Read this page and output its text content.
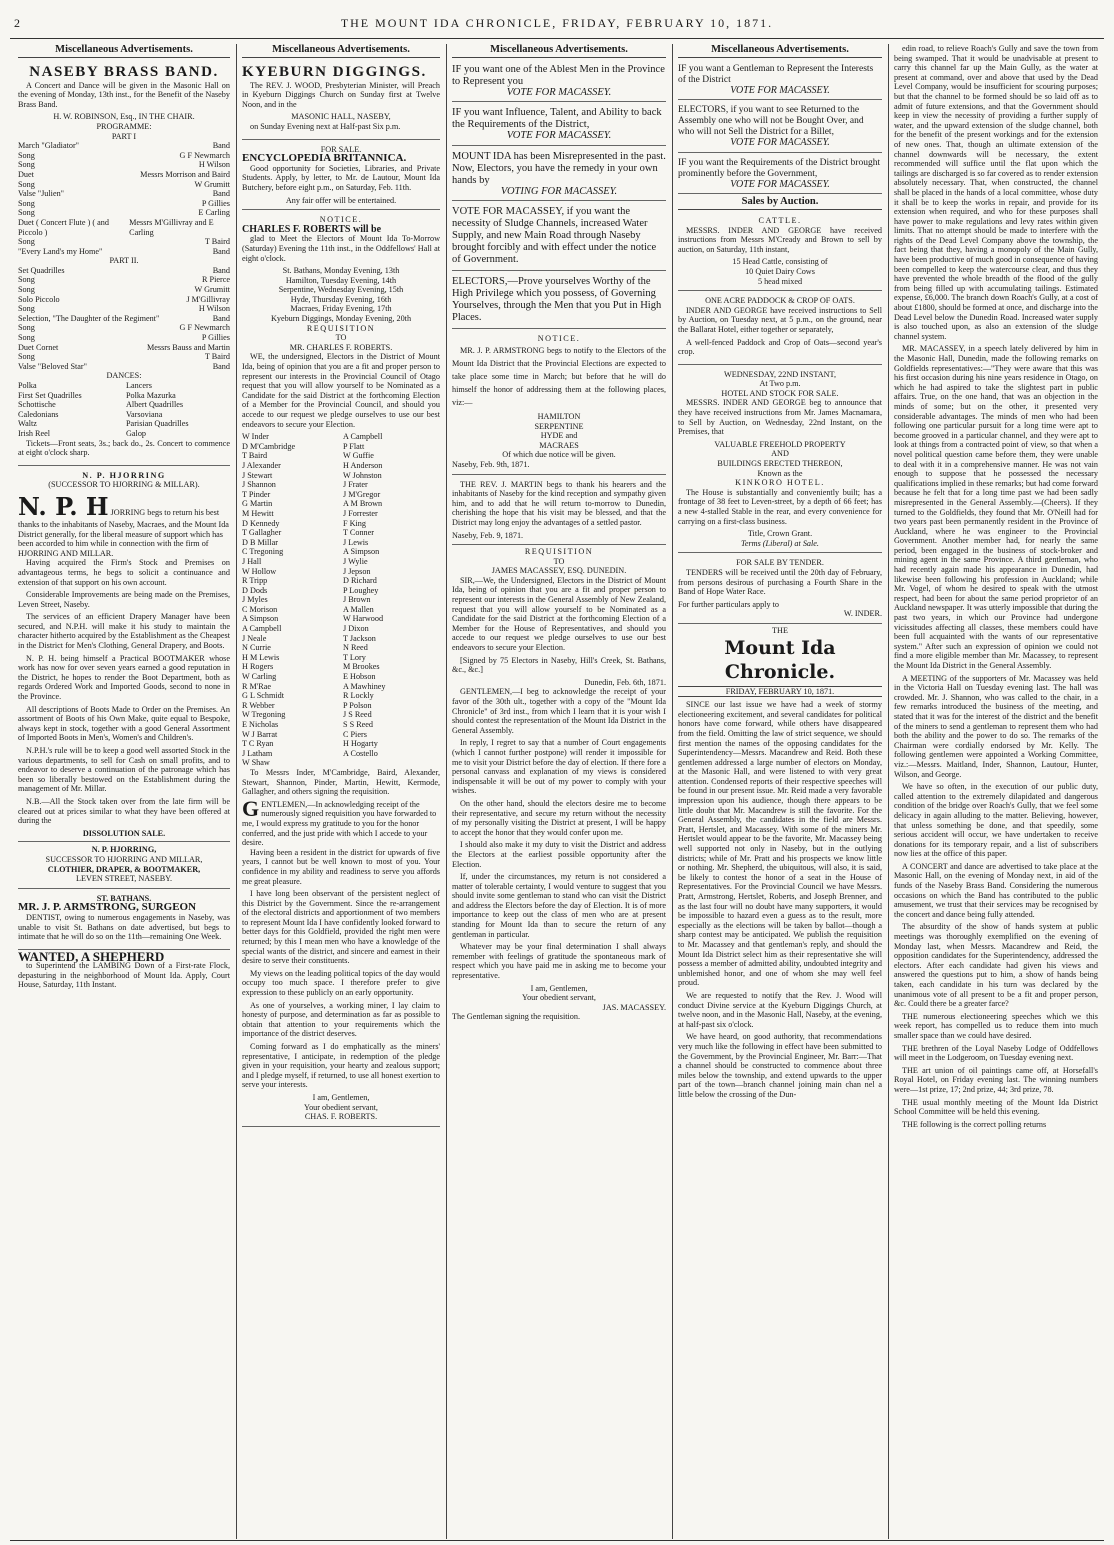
2	THE MOUNT IDA CHRONICLE, FRIDAY, FEBRUARY 10, 1871.
Miscellaneous Advertisements.
NASEBY BRASS BAND.

A Concert and Dance will be given in the Masonic Hall on the evening of Monday, 13th inst., for the Benefit of the Naseby Brass Band.

H. W. ROBINSON, Esq., IN THE CHAIR.
PROGRAMME:
PART I
March "Gladiator"	Band
Song	G F Newmarch
Song	H Wilson
Duet	Messrs Morrison and Baird
Song	W Grumitt
Valse "Julien"	Band
Song	P Gillies
Song	E Carling
Duet ( Concert Flute ) ( and Piccolo )
Messrs M'Gillivray and E Carling
Song	T Baird
"Every Land's my Home"	Band
PART II.
Set Quadrilles	Band
Song	R Pierce
Song	W Grumitt
Solo Piccolo	J M'Gillivray
Song	H Wilson
Selection, "The Daughter of the Regiment"	Band
Song	G F Newmarch
Song	P Gillies
Duet Cornet	Messrs Bauss and Martin
Song	T Baird
Valse "Beloved Star"	Band
DANCES:
Polka
First Set Quadrilles
Schottische
Caledonians
Waltz
Irish Reel
Lancers
Polka Mazurka
Albert Quadrilles
Varsoviana
Parisian Quadrilles
Galop

Tickets—Front seats, 3s.; back do., 2s. Concert to commence at eight o'clock sharp.

N. P. HJORRING
(SUCCESSOR TO HJORRING & MILLAR).
N. P. H JORRING begs to return his best thanks to the inhabitants of Naseby, Macraes, and the Mount Ida District generally, for the liberal measure of support which has been accorded to him while in connection with the firm of HJORRING AND MILLAR.

Having acquired the Firm's Stock and Premises on advantageous terms, he begs to solicit a continuance and extension of that support on his own account.

Considerable Improvements are being made on the Premises, Leven Street, Naseby.

The services of an efficient Drapery Manager have been secured, and N.P.H. will make it his study to maintain the character hitherto acquired by the Establishment as the Cheapest in the District for Men's Clothing, General Drapery, and Boots.

N. P. H. being himself a Practical BOOTMAKER whose work has now for over seven years earned a good reputation in the District, he hopes to render the Boot Department, both as regards Ordered Work and Imported Goods, second to none in the Province.

All descriptions of Boots Made to Order on the Premises. An assortment of Boots of his Own Make, quite equal to Bespoke, always kept in stock, together with a good General Assortment of Imported Boots in Men's, Women's and Children's.

N.P.H.'s rule will be to keep a good well assorted Stock in the various departments, to sell for Cash on small profits, and to endeavor to deserve a continuation of the patronage which has been so liberally bestowed on the Establishment during the management of Mr. Millar.

N.B.—All the Stock taken over from the late firm will be cleared out at prices similar to what they have been offered at during the

DISSOLUTION SALE.
N. P. HJORRING,
SUCCESSOR TO HJORRING AND MILLAR,
CLOTHIER, DRAPER, & BOOTMAKER,
LEVEN STREET, NASEBY.
ST. BATHANS.
MR. J. P. ARMSTRONG, SURGEON

DENTIST, owing to numerous engagements in Naseby, was unable to visit St. Bathans on date advertised, but begs to intimate that he will do so on the 11th—remaining One Week.

WANTED, A SHEPHERD

to Superintend the LAMBING Down of a First-rate Flock, depasturing in the neighborhood of Mount Ida. Apply, Court House, Saturday, 11th Instant.

Miscellaneous Advertisements.
KYEBURN DIGGINGS.

The REV. J. WOOD, Presbyterian Minister, will Preach in Kyeburn Diggings Church on Sunday first at Twelve Noon, and in the

MASONIC HALL, NASEBY,

on Sunday Evening next at Half-past Six p.m.

FOR SALE.
ENCYCLOPEDIA BRITANNICA.

Good opportunity for Societies, Libraries, and Private Students. Apply, by letter, to Mr. de Lautour, Mount Ida Butchery, before eight p.m., on Saturday, Feb. 11th.

Any fair offer will be entertained.
NOTICE.
CHARLES F. ROBERTS will be

glad to Meet the Electors of Mount Ida To-Morrow (Saturday) Evening the 11th inst., in the Oddfellows' Hall at eight o'clock.

St. Bathans, Monday Evening, 13th
Hamilton, Tuesday Evening, 14th
Serpentine, Wednesday Evening, 15th
Hyde, Thursday Evening, 16th
Macraes, Friday Evening, 17th
Kyeburn Diggings, Monday Evening, 20th
REQUISITION
TO
MR. CHARLES F. ROBERTS.

WE, the undersigned, Electors in the District of Mount Ida, being of opinion that you are a fit and proper person to represent our interests in the Provincial Council of Otago request that you will allow yourself to be Nominated as a Candidate for the said District at the forthcoming Election of a Member for the Provincial Council, and should you accede to our request we pledge ourselves to use our best endeavors to secure your Election.

W Inder
D M'Cambridge
T Baird
J Alexander
J Stewart
J Shannon
T Pinder
G Martin
M Hewitt
D Kennedy
T Gallagher
D B Millar
C Tregoning
J Hall
W Hollow
R Tripp
D Dods
J Myles
C Morison
A Simpson
A Campbell
J Neale
N Currie
H M Lewis
H Rogers
W Carling
R M'Rae
G L Schmidt
R Webber
W Tregoning
E Nicholas
W J Barrat
T C Ryan
J Latham
W Shaw
A Campbell
P Flatt
W Guffie
H Anderson
W Johnston
J Frater
J M'Gregor
A M Brown
J Forrester
F King
T Conner
J Lewis
A Simpson
J Wylie
J Jepson
D Richard
P Loughey
J Brown
A Mallen
W Harwood
J Dixon
T Jackson
N Reed
T Lory
M Brookes
E Hobson
A Mawhiney
R Lockly
P Polson
J S Reed
S S Reed
C Piers
H Hogarty
A Costello

To Messrs Inder, M'Cambridge, Baird, Alexander, Stewart, Shannon, Pinder, Martin, Hewitt, Kermode, Gallagher, and others signing the requisition.

GENTLEMEN,—In acknowledging receipt of the numerously signed requisition you have forwarded to me, I would express my gratitude to you for the honor conferred, and the just pride with which I accede to your desire.

Having been a resident in the district for upwards of five years, I cannot but be well known to most of you. Your confidence in my ability and readiness to serve you affords me great pleasure.

I have long been observant of the persistent neglect of this District by the Government. Since the re-arrangement of the electoral districts and apportionment of two members to represent Mount Ida I have confidently looked forward to better days for this Goldfield, provided the right men were returned; by this I mean men who have a knowledge of the special wants of the district, and sincere and earnest in their desire to serve their constituents.

My views on the leading political topics of the day would occupy too much space. I therefore prefer to give expression to these publicly on an early opportunity.

As one of yourselves, a working miner, I lay claim to honesty of purpose, and determination as far as possible to obtain that attention to your requirements which the importance of the district deserves.

Coming forward as I do emphatically as the miners' representative, I anticipate, in redemption of the pledge given in your requisition, your hearty and zealous support; and I pledge myself, if returned, to use all honest exertion to serve your interests.

I am, Gentlemen,
Your obedient servant,
CHAS. F. ROBERTS.
Miscellaneous Advertisements.
IF you want one of the Ablest Men in the Province to Represent you
VOTE FOR MACASSEY.
IF you want Influence, Talent, and Ability to back the Requirements of the District,
VOTE FOR MACASSEY.
MOUNT IDA has been Misrepresented in the past. Now, Electors, you have the remedy in your own hands by
VOTING FOR MACASSEY.
VOTE FOR MACASSEY, if you want the necessity of Sludge Channels, increased Water Supply, and new Main Road through Naseby brought forcibly and with effect under the notice of Government.
ELECTORS,—Prove yourselves Worthy of the High Privilege which you possess, of Governing Yourselves, through the Men that you Put in High Places.
NOTICE.

MR. J. P. ARMSTRONG begs to notify to the Electors of the Mount Ida District that the Provincial Elections are expected to take place some time in March; but before that he will do himself the honor of addressing them at the following places, viz:—

HAMILTON
SERPENTINE
HYDE and
MACRAES
Of which due notice will be given.
Naseby, Feb. 9th, 1871.

THE REV. J. MARTIN begs to thank his hearers and the inhabitants of Naseby for the kind reception and sympathy given him, and to add that he will return to-morrow to Dunedin, cherishing the hope that his visit may be blessed, and that the District may long enjoy the advantages of a settled pastor.

Naseby, Feb. 9, 1871.
REQUISITION
TO
JAMES MACASSEY, ESQ. DUNEDIN.

SIR,—We, the Undersigned, Electors in the District of Mount Ida, being of opinion that you are a fit and proper person to represent our interests in the General Assembly of New Zealand, request that you will allow yourself to be Nominated as a Candidate for the said District at the forthcoming Election of a Member for the House of Representatives, and should you accede to our request we pledge ourselves to use our best endeavors to secure your Election.

[Signed by 75 Electors in Naseby, Hill's Creek, St. Bathans, &c., &c.]

Dunedin, Feb. 6th, 1871.

GENTLEMEN,—I beg to acknowledge the receipt of your favor of the 30th ult., together with a copy of the "Mount Ida Chronicle" of 3rd inst., from which I learn that it is your wish I should contest the representation of the Mount Ida District in the General Assembly.

In reply, I regret to say that a number of Court engagements (which I cannot further postpone) will render it impossible for me to visit your District before the day of election. If there fore a personal canvass and explanation of my views is considered indispensable it will be out of my power to comply with your wishes.

On the other hand, should the electors desire me to become their representative, and secure my return without the necessity of my personally visiting the District at present, I will be happy to accept the honor that they would confer upon me.

I should also make it my duty to visit the District and address the Electors at the earliest possible opportunity after the Election.

If, under the circumstances, my return is not considered a matter of tolerable certainty, I would venture to suggest that you should invite some gentleman to stand who can visit the District and address the Electors before the day of Election. It is of more importance to keep out the class of men who are at present standing for Mount Ida than to secure the return of any gentleman in particular.

Whatever may be your final determination I shall always remember with feelings of gratitude the spontaneous mark of respect which you have paid me in asking me to become your representative.

I am, Gentlemen,
Your obedient servant,
JAS. MACASSEY.
The Gentleman signing the requisition.
Miscellaneous Advertisements.
IF you want a Gentleman to Represent the Interests of the District
VOTE FOR MACASSEY.
ELECTORS, if you want to see Returned to the Assembly one who will not be Bought Over, and who will not Sell the District for a Billet,
VOTE FOR MACASSEY.
IF you want the Requirements of the District brought prominently before the Government,
VOTE FOR MACASSEY.
Sales by Auction.
CATTLE.

MESSRS. INDER AND GEORGE have received instructions from Messrs M'Cready and Brown to sell by auction, on Saturday, 11th instant,

15 Head Cattle, consisting of
10 Quiet Dairy Cows
5 head mixed
ONE ACRE PADDOCK & CROP OF OATS.

INDER AND GEORGE have received instructions to Sell by Auction, on Tuesday next, at 5 p.m., on the ground, near the Ballarat Hotel, either together or separately,

A well-fenced Paddock and Crop of Oats—second year's crop.

WEDNESDAY, 22ND INSTANT,
At Two p.m.
HOTEL AND STOCK FOR SALE.

MESSRS. INDER AND GEORGE beg to announce that they have received instructions from Mr. James Macnamara, to Sell by Auction, on Wednesday, 22nd Instant, on the Premises, that

VALUABLE FREEHOLD PROPERTY
AND
BUILDINGS ERECTED THEREON,
Known as the
KINKORO HOTEL.

The House is substantially and conveniently built; has a frontage of 38 feet to Leven-street, by a depth of 66 feet; has a new 4-stalled Stable in the rear, and every convenience for carrying on a first-class business.

Title, Crown Grant.
Terms (Liberal) at Sale.
FOR SALE BY TENDER.

TENDERS will be received until the 20th day of February, from persons desirous of purchasing a Fourth Share in the Band of Hope Water Race.

For further particulars apply to
W. INDER.
THE
Mount Ida Chronicle.
FRIDAY, FEBRUARY 10, 1871.

SINCE our last issue we have had a week of stormy electioneering excitement, and several candidates for political honors have come forward, while others have disappeared from the field. Omitting the law of strict sequence, we should first mention the names of the opposing candidates for the Superintendency—Messrs. Macandrew and Reid. Both these gentlemen addressed a large number of electors on Monday, at the Masonic Hall, and were listened to with very great attention. Condensed reports of their respective speeches will be found in our present issue. Mr. Reid made a very favorable impression upon his audience, though there appears to be little doubt that Mr. Macandrew is still the favorite. For the General Assembly, the candidates in the field are Messrs. Pratt, Hertslet, and Macassey. With some of the miners Mr. Hertslet would appear to be the favorite, Mr. Macassey being well supported not only in Naseby, but in the outlying districts; while of Mr. Pratt and his prospects we know little or nothing. Mr. Shepherd, the ubiquitous, will also, it is said, be likely to contest the honor of a seat in the House of Representatives. For the Provincial Council we have Messrs. Pratt, Armstrong, Hertslet, Roberts, and Joseph Brenner, and as the last four will no doubt have many supporters, it would be impossible to hazard even a guess as to the result, more especially as the elections will be taken by ballot—though a sharp contest may be anticipated. We publish the requisition to Mr. Macassey and that gentleman's reply, and should the Mount Ida District select him as their representative she will possess a member of admitted ability, undoubted integrity and unblemished honor, and one of whom she may well feel proud.

We are requested to notify that the Rev. J. Wood will conduct Divine service at the Kyeburn Diggings Church, at twelve noon, and in the Masonic Hall, Naseby, at the evening, at half-past six o'clock.

We have heard, on good authority, that recommendations very much like the following in effect have been submitted to the Government, by the Provincial Engineer, Mr. Barr:—That a channel should be constructed to commence about three miles below the township, and extend upwards to the upper part of the town—branch channel joining main chan nel a little below the crossing of the Dun-

edin road, to relieve Roach's Gully and save the town from being swamped. That it would be unadvisable at present to carry this channel far up the Main Gully, as the water at present at command, over and above that used by the Dead Level Company, would be insufficient for scouring purposes; but that the channel to be formed should be so laid off as to admit of future extensions, and that the Government should keep in view the necessity of providing a further supply of water, and the upward extension of the sludge channel, both for the benefit of the present workings and for the extension of new ones. That, though an ultimate extension of the channel downwards will be necessary, the extent recommended will suffice until the flat upon which the tailings are discharged is so far covered as to render extension absolutely necessary. That, when constructed, the channel shall be placed in the hands of a local committee, whose duty it shall be to keep the works in repair, and provide for its extension when required, and who for these purposes shall have power to make regulations and levy rates within given limits. That no attempt should be made to interfere with the rights of the Dead Level Company above the township, the fact being that they, having a monopoly of the Main Gully, have been productive of much good in consequence of having been compelled to keep the watercourse clear, and thus they have prevented the whole breadth of the flood of the gully from being filled up with accumulating tailings. Estimated expense, £6,000. The branch down Roach's Gully, at a cost of about £1800, should be formed at once, and discharge into the Dead Level below the Dunedin Road. Increased water supply is also touched upon, as also an extension of the sludge channel system.

MR. MACASSEY, in a speech lately delivered by him in the Masonic Hall, Dunedin, made the following remarks on Goldfields representatives:—"They were aware that this was his first occasion during his nine years residence in Otago, on which he had aspired to take the slightest part in public affairs. True, on the one hand, that was an objection in the minds of some; but on the other, it presented very considerable advantages. The minds of men who had been following one particular pursuit for a long time were apt to become grooved in a particular channel, and they were apt to look at things from a contracted point of view, so that when a novel political question came before them, they were unable to deal with it in a comprehensive manner. He was not vain enough to suppose that he possessed the necessary qualifications implied in these remarks; but had come forward because he felt that for a long time past we had been sadly misrepresented in the General Assembly.—(Cheers). If they turned to the Goldfields, they found that Mr. O'Neill had for two years past been permanently resident in the Province of Auckland, where he was engineer to the Provincial Government. Another member had, for nearly the same period, been engaged in the business of stock-broker and mining agent in the same Province. A third gentleman, who had recently again made his appearance in Dunedin, had likewise been following his profession in Auckland; while Mr. Vogel, of whom he desired to speak with the utmost respect, had been for about the same period proprietor of an Auckland newspaper. It was utterly impossible that during the past two years, in which our Province had undergone vicissitudes affecting all classes, these members could have been full acquainted with the wants of our representative system." After such an expression of opinion we could not find a more eligible member than Mr. Macassey, to represent the Mount Ida District in the General Assembly.

A MEETING of the supporters of Mr. Macassey was held in the Victoria Hall on Tuesday evening last. The hall was crowded. Mr. J. Shannon, who was called to the chair, in a few remarks introduced the business of the meeting, and stated that it was for the interest of the district and the benefit of the miners to send a gentleman to represent them who had both the ability and the power to do so. The remarks of the Chairman were cordially endorsed by Mr. Kelly. The following gentlemen were appointed a Working Committee, viz.:—Messrs. Maitland, Inder, Shannon, Lautour, Hunter, Wilson, and George.

We have so often, in the execution of our public duty, called attention to the extremely dilapidated and dangerous condition of the bridge over Roach's Gully, that we feel some delicacy in again alluding to the matter. Believing, however, that unless something be done, and that speedily, some serious accident will occur, we have undertaken to receive donations for its temporary repair, and a list of subscribers now lies at the office of this paper.

A CONCERT and dance are advertised to take place at the Masonic Hall, on the evening of Monday next, in aid of the funds of the Naseby Brass Band. Considering the numerous occasions on which the Band has contributed to the public amusement, we trust that their services may be recognised by the concert and dance being fully attended.

The absurdity of the show of hands system at public meetings was thoroughly exemplified on the evening of Monday last, when Messrs. Macandrew and Reid, the opposition candidates for the Superintendency, addressed the electors. After each candidate had given his views and answered the questions put to him, a show of hands being taken, each candidate in his turn was declared by the unanimous vote of all present to be a fit and proper person, &c. Could there be a greater farce?

THE numerous electioneering speeches which we this week report, has compelled us to reduce them into much smaller space than we could have desired.

THE brethren of the Loyal Naseby Lodge of Oddfellows will meet in the Lodgeroom, on Tuesday evening next.

THE art union of oil paintings came off, at Horsefall's Royal Hotel, on Friday evening last. The winning numbers were—1st prize, 17; 2nd prize, 44; 3rd prize, 78.

THE usual monthly meeting of the Mount Ida District School Committee will be held this evening.

THE following is the correct polling returns
